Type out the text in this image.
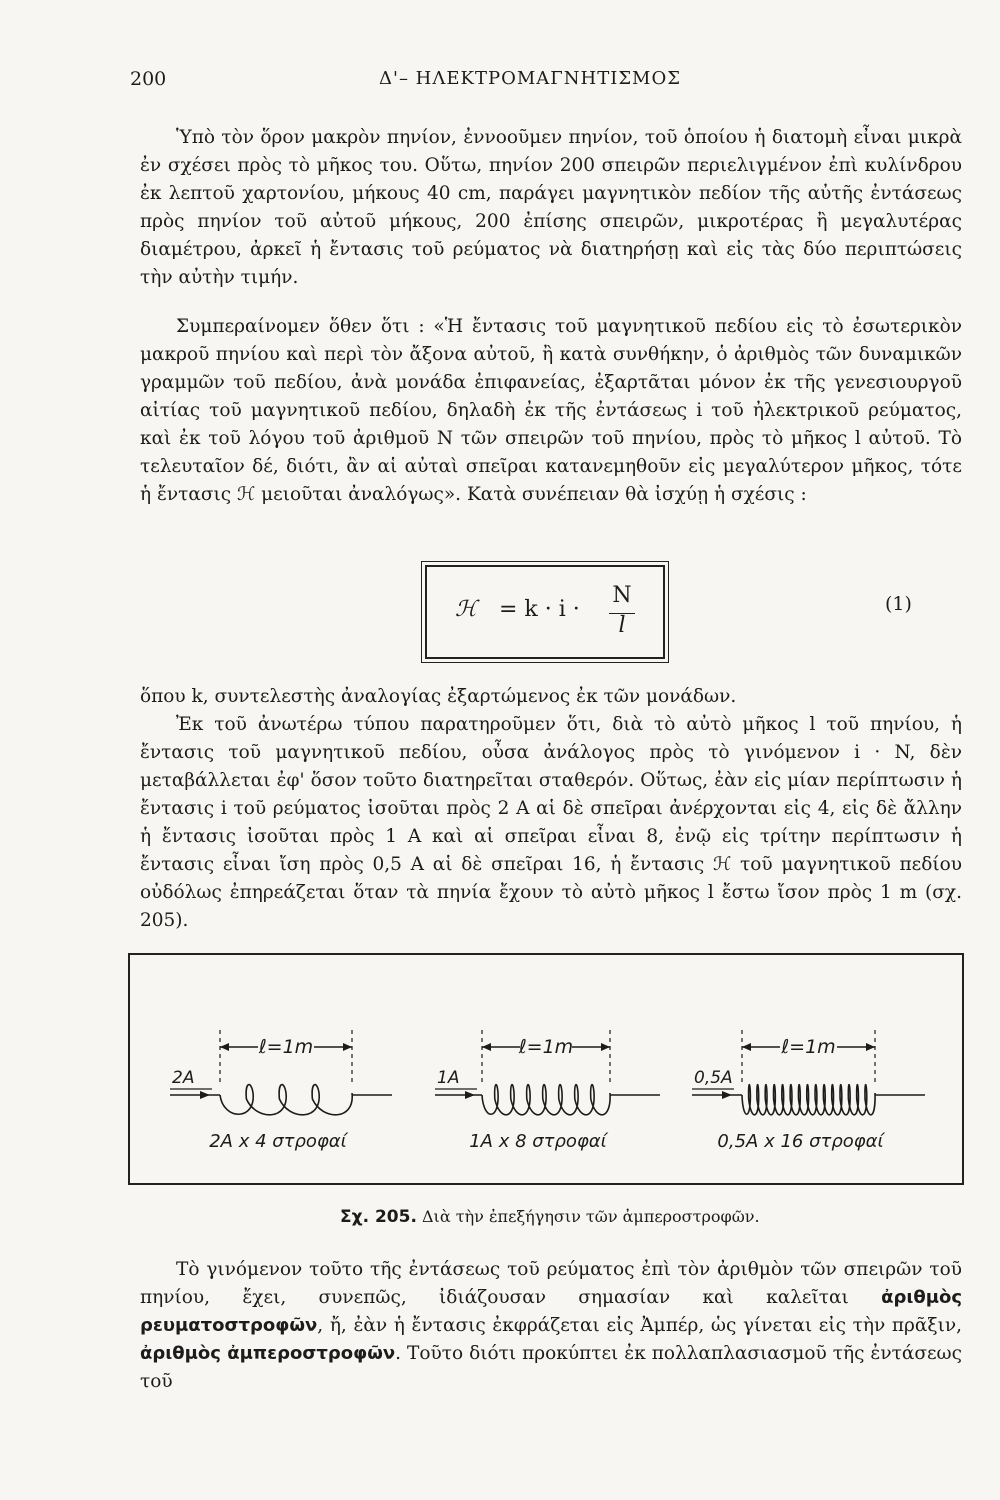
200	Δ'– ΗΛΕΚΤΡΟΜΑΓΝΗΤΙΣΜΟΣ

Ὑπὸ τὸν ὅρον μακρὸν πηνίον, ἐννοοῦμεν πηνίον, τοῦ ὁποίου ἡ διατομὴ εἶναι μικρὰ ἐν σχέσει πρὸς τὸ μῆκος του. Οὕτω, πηνίον 200 σπειρῶν περιελιγμένον ἐπὶ κυλίνδρου ἐκ λεπτοῦ χαρτονίου, μήκους 40 cm, παράγει μαγνητικὸν πεδίον τῆς αὐτῆς ἐντάσεως πρὸς πηνίον τοῦ αὐτοῦ μήκους, 200 ἐπίσης σπειρῶν, μικροτέρας ἢ μεγαλυτέρας διαμέτρου, ἀρκεῖ ἡ ἔντασις τοῦ ρεύματος νὰ διατηρήσῃ καὶ εἰς τὰς δύο περιπτώσεις τὴν αὐτὴν τιμήν.

Συμπεραίνομεν ὅθεν ὅτι : «Ἡ ἔντασις τοῦ μαγνητικοῦ πεδίου εἰς τὸ ἐσωτερικὸν μακροῦ πηνίου καὶ περὶ τὸν ἄξονα αὐτοῦ, ἢ κατὰ συνθήκην, ὁ ἀριθμὸς τῶν δυναμικῶν γραμμῶν τοῦ πεδίου, ἀνὰ μονάδα ἐπιφανείας, ἐξαρτᾶται μόνον ἐκ τῆς γενεσιουργοῦ αἰτίας τοῦ μαγνητικοῦ πεδίου, δηλαδὴ ἐκ τῆς ἐντάσεως i τοῦ ἠλεκτρικοῦ ρεύματος, καὶ ἐκ τοῦ λόγου τοῦ ἀριθμοῦ N τῶν σπειρῶν τοῦ πηνίου, πρὸς τὸ μῆκος l αὐτοῦ. Τὸ τελευταῖον δέ, διότι, ἂν αἱ αὐταὶ σπεῖραι κατανεμηθοῦν εἰς μεγαλύτερον μῆκος, τότε ἡ ἔντασις ℋ μειοῦται ἀναλόγως». Κατὰ συνέπειαν θὰ ἰσχύῃ ἡ σχέσις :

ℋ = k · i ·
N
l
(1)

ὅπου k, συντελεστὴς ἀναλογίας ἐξαρτώμενος ἐκ τῶν μονάδων.

Ἐκ τοῦ ἀνωτέρω τύπου παρατηροῦμεν ὅτι, διὰ τὸ αὐτὸ μῆκος l τοῦ πηνίου, ἡ ἔντασις τοῦ μαγνητικοῦ πεδίου, οὖσα ἀνάλογος πρὸς τὸ γινόμενον i · N, δὲν μεταβάλλεται ἐφ' ὅσον τοῦτο διατηρεῖται σταθερόν. Οὕτως, ἐὰν εἰς μίαν περίπτωσιν ἡ ἔντασις i τοῦ ρεύματος ἰσοῦται πρὸς 2 A αἱ δὲ σπεῖραι ἀνέρχονται εἰς 4, εἰς δὲ ἄλλην ἡ ἔντασις ἰσοῦται πρὸς 1 A καὶ αἱ σπεῖραι εἶναι 8, ἐνῷ εἰς τρίτην περίπτωσιν ἡ ἔντασις εἶναι ἴση πρὸς 0,5 A αἱ δὲ σπεῖραι 16, ἡ ἔντασις ℋ τοῦ μαγνητικοῦ πεδίου οὐδόλως ἐπηρεάζεται ὅταν τὰ πηνία ἔχουν τὸ αὐτὸ μῆκος l ἔστω ἴσον πρὸς 1 m (σχ. 205).

ℓ=1m
2A
2A x 4 στροφαί
ℓ=1m
1A
1A x 8 στροφαί
ℓ=1m
0,5A
0,5A x 16 στροφαί
Σχ. 205. Διὰ τὴν ἐπεξήγησιν τῶν ἀμπεροστροφῶν.

Τὸ γινόμενον τοῦτο τῆς ἐντάσεως τοῦ ρεύματος ἐπὶ τὸν ἀριθμὸν τῶν σπειρῶν τοῦ πηνίου, ἔχει, συνεπῶς, ἰδιάζουσαν σημασίαν καὶ καλεῖται ἀριθμὸς ρευματοστροφῶν, ἤ, ἐὰν ἡ ἔντασις ἐκφράζεται εἰς Ἀμπέρ, ὡς γίνεται εἰς τὴν πρᾶξιν, ἀριθμὸς ἀμπεροστροφῶν. Τοῦτο διότι προκύπτει ἐκ πολλαπλασιασμοῦ τῆς ἐντάσεως τοῦ
